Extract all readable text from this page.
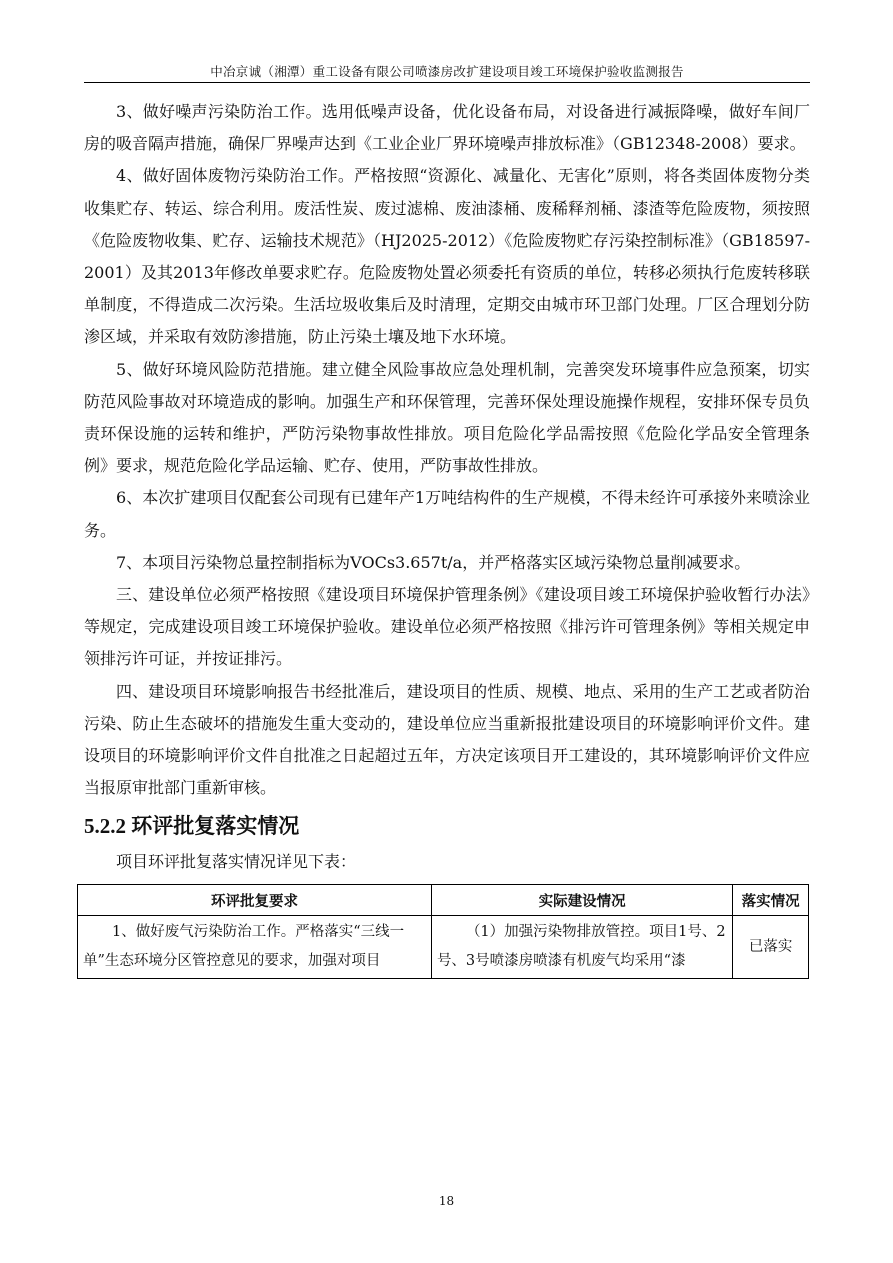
中冶京诚（湘潭）重工设备有限公司喷漆房改扩建设项目竣工环境保护验收监测报告

3、做好噪声污染防治工作。选用低噪声设备，优化设备布局，对设备进行减振降噪，做好车间厂房的吸音隔声措施，确保厂界噪声达到《工业企业厂界环境噪声排放标准》（GB12348-2008）要求。

4、做好固体废物污染防治工作。严格按照“资源化、减量化、无害化”原则，将各类固体废物分类收集贮存、转运、综合利用。废活性炭、废过滤棉、废油漆桶、废稀释剂桶、漆渣等危险废物，须按照《危险废物收集、贮存、运输技术规范》（HJ2025-2012）《危险废物贮存污染控制标准》（GB18597-2001）及其2013年修改单要求贮存。危险废物处置必须委托有资质的单位，转移必须执行危废转移联单制度，不得造成二次污染。生活垃圾收集后及时清理，定期交由城市环卫部门处理。厂区合理划分防渗区域，并采取有效防渗措施，防止污染土壤及地下水环境。

5、做好环境风险防范措施。建立健全风险事故应急处理机制，完善突发环境事件应急预案，切实防范风险事故对环境造成的影响。加强生产和环保管理，完善环保处理设施操作规程，安排环保专员负责环保设施的运转和维护，严防污染物事故性排放。项目危险化学品需按照《危险化学品安全管理条例》要求，规范危险化学品运输、贮存、使用，严防事故性排放。

6、本次扩建项目仅配套公司现有已建年产1万吨结构件的生产规模，不得未经许可承接外来喷涂业务。

7、本项目污染物总量控制指标为VOCs3.657t/a，并严格落实区域污染物总量削减要求。

三、建设单位必须严格按照《建设项目环境保护管理条例》《建设项目竣工环境保护验收暂行办法》等规定，完成建设项目竣工环境保护验收。建设单位必须严格按照《排污许可管理条例》等相关规定申领排污许可证，并按证排污。

四、建设项目环境影响报告书经批准后，建设项目的性质、规模、地点、采用的生产工艺或者防治污染、防止生态破坏的措施发生重大变动的，建设单位应当重新报批建设项目的环境影响评价文件。建设项目的环境影响评价文件自批准之日起超过五年，方决定该项目开工建设的，其环境影响评价文件应当报原审批部门重新审核。

5.2.2 环评批复落实情况

项目环评批复落实情况详见下表：

环评批复要求	实际建设情况	落实情况

1、做好废气污染防治工作。严格落实“三线一单”生态环境分区管控意见的要求，加强对项目	（1）加强污染物排放管控。项目1号、2号、3号喷漆房喷漆有机废气均采用“漆	已落实
18
